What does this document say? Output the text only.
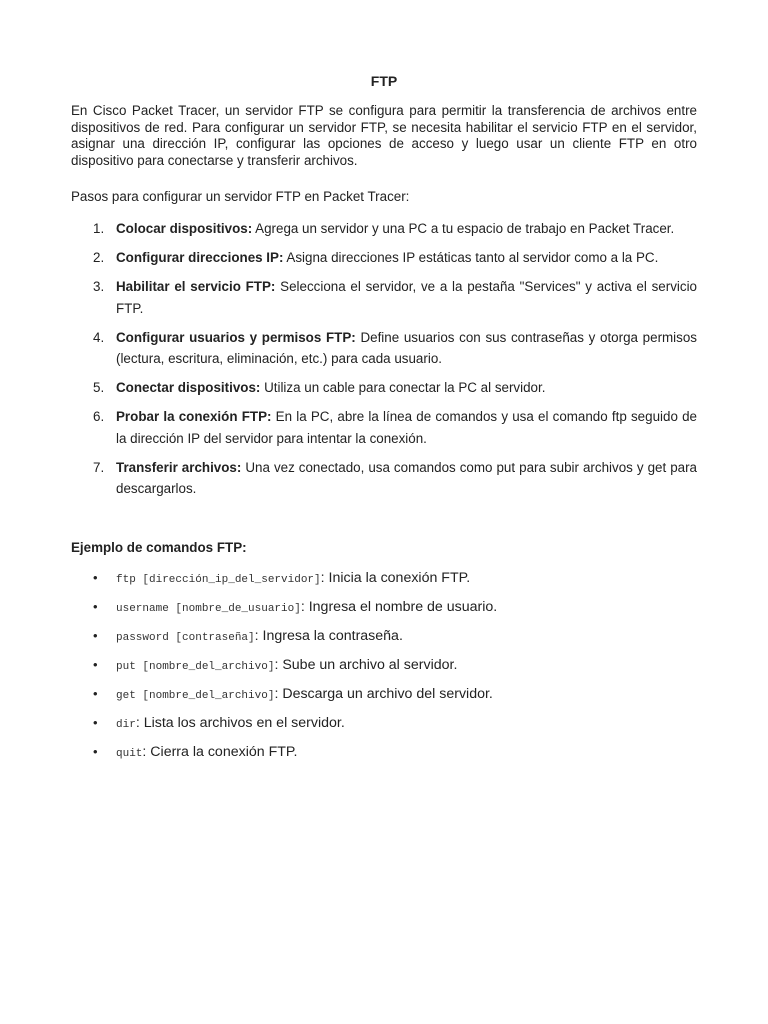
FTP

En Cisco Packet Tracer, un servidor FTP se configura para permitir la transferencia de archivos entre dispositivos de red. Para configurar un servidor FTP, se necesita habilitar el servicio FTP en el servidor, asignar una dirección IP, configurar las opciones de acceso y luego usar un cliente FTP en otro dispositivo para conectarse y transferir archivos.

Pasos para configurar un servidor FTP en Packet Tracer:

1. Colocar dispositivos: Agrega un servidor y una PC a tu espacio de trabajo en Packet Tracer.
2. Configurar direcciones IP: Asigna direcciones IP estáticas tanto al servidor como a la PC.
3. Habilitar el servicio FTP: Selecciona el servidor, ve a la pestaña "Services" y activa el servicio FTP.
4. Configurar usuarios y permisos FTP: Define usuarios con sus contraseñas y otorga permisos (lectura, escritura, eliminación, etc.) para cada usuario.
5. Conectar dispositivos: Utiliza un cable para conectar la PC al servidor.
6. Probar la conexión FTP: En la PC, abre la línea de comandos y usa el comando ftp seguido de la dirección IP del servidor para intentar la conexión.
7. Transferir archivos: Una vez conectado, usa comandos como put para subir archivos y get para descargarlos.

Ejemplo de comandos FTP:

• ftp [dirección_ip_del_servidor]: Inicia la conexión FTP.
• username [nombre_de_usuario]: Ingresa el nombre de usuario.
• password [contraseña]: Ingresa la contraseña.
• put [nombre_del_archivo]: Sube un archivo al servidor.
• get [nombre_del_archivo]: Descarga un archivo del servidor.
• dir: Lista los archivos en el servidor.
• quit: Cierra la conexión FTP.
